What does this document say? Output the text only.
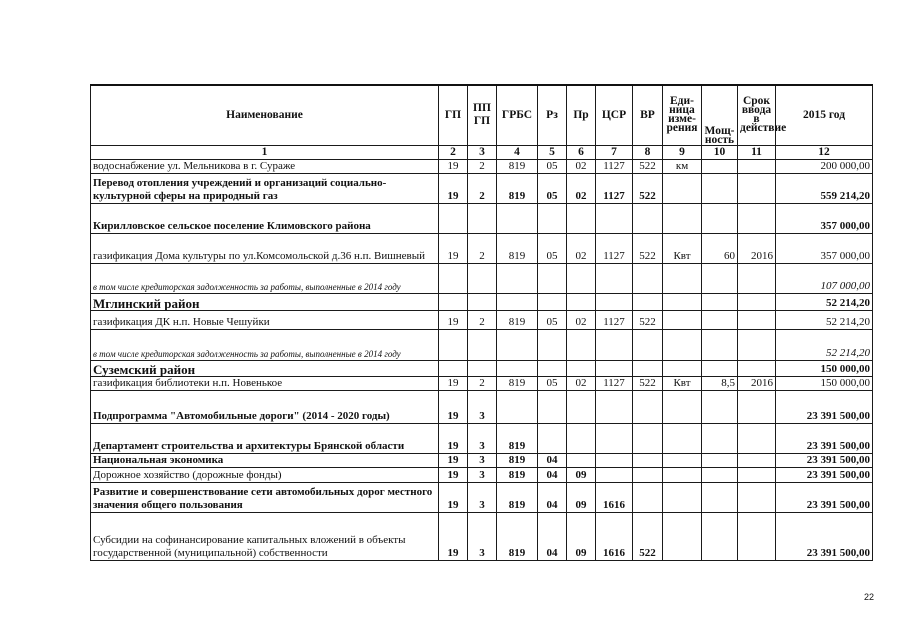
Наименование	ГП	ПП ГП	ГРБС	Рз	Пр	ЦСР	ВР	Еди-ница изме-рения	Мощ-ность	Срок ввода в действие	2015 год
1	2	3	4	5	6	7	8	9	10	11	12
водоснабжение ул. Мельникова в г. Сураже	19	2	819	05	02	1127	522	км			200 000,00
Перевод отопления учреждений и организаций социально-культурной сферы на природный газ	19	2	819	05	02	1127	522				559 214,20
Кирилловское сельское поселение Климовского района											357 000,00
газификация Дома культуры по ул.Комсомольской д.36 н.п. Вишневый	19	2	819	05	02	1127	522	Квт	60	2016	357 000,00
в том числе кредиторская задолженность за работы, выполненные в 2014 году											107 000,00
Мглинский район											52 214,20
газификация ДК н.п. Новые Чешуйки	19	2	819	05	02	1127	522				52 214,20
в том числе кредиторская задолженность за работы, выполненные в 2014 году											52 214,20
Суземский район											150 000,00
газификация библиотеки н.п. Новенькое	19	2	819	05	02	1127	522	Квт	8,5	2016	150 000,00
Подпрограмма "Автомобильные дороги" (2014 - 2020 годы)	19	3									23 391 500,00
Департамент строительства и архитектуры Брянской области	19	3	819								23 391 500,00
Национальная экономика	19	3	819	04							23 391 500,00
Дорожное хозяйство (дорожные фонды)	19	3	819	04	09						23 391 500,00
Развитие и совершенствование сети автомобильных дорог местного значения общего пользования	19	3	819	04	09	1616					23 391 500,00
Субсидии на софинансирование капитальных вложений в объекты государственной (муниципальной) собственности	19	3	819	04	09	1616	522				23 391 500,00
22
